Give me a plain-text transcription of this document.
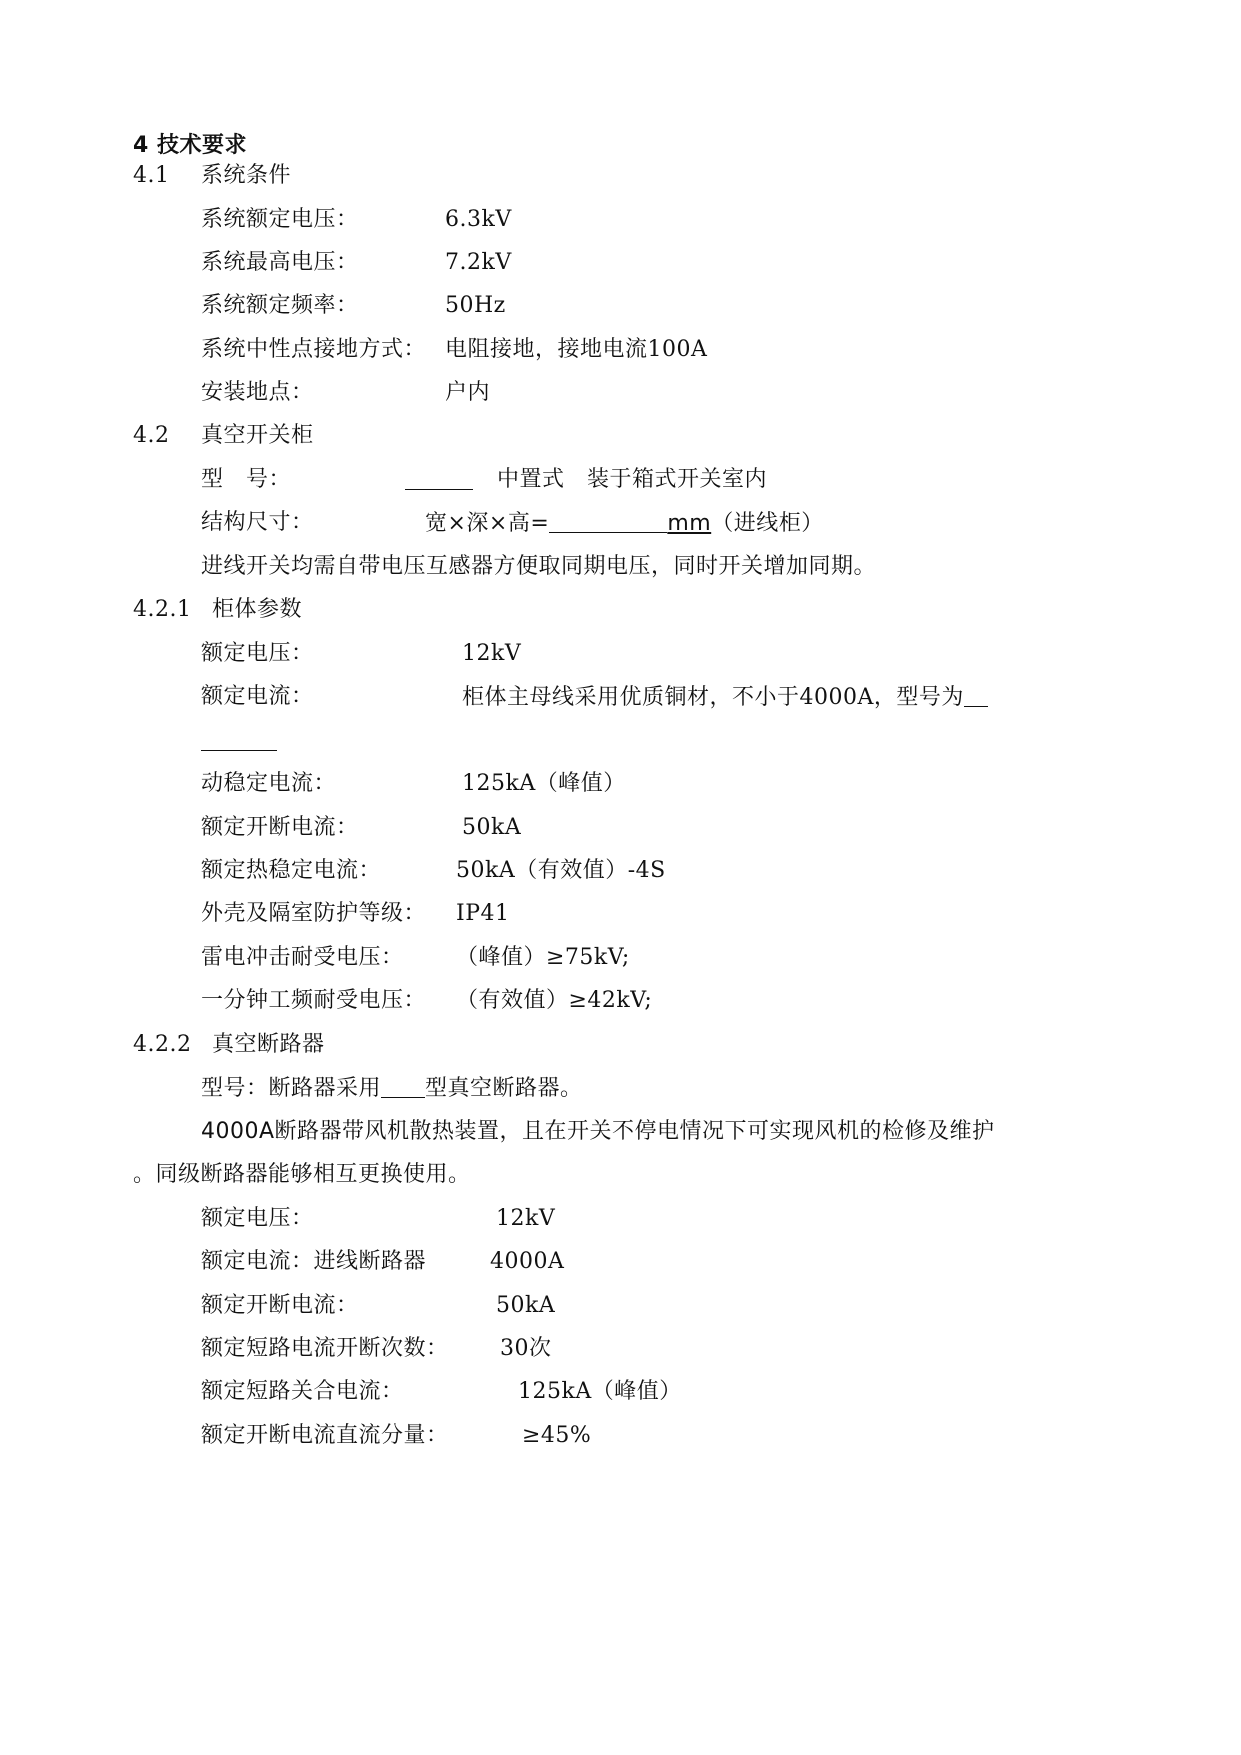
4 技术要求
4.1 系统条件
系统额定电压：	6.3kV
系统最高电压：	7.2kV
系统额定频率：	50Hz
系统中性点接地方式： 电阻接地，接地电流100A
安装地点：	户内
4.2 真空开关柜
型　号：	中置式　装于箱式开关室内
结构尺寸：	宽×深×高=	mm（进线柜）
进线开关均需自带电压互感器方便取同期电压，同时开关增加同期。
4.2.1 柜体参数
额定电压：	12kV
额定电流：	柜体主母线采用优质铜材，不小于4000A，型号为
动稳定电流：	125kA（峰值）
额定开断电流：	50kA
额定热稳定电流：	50kA（有效值）-4S
外壳及隔室防护等级： IP41
雷电冲击耐受电压： （峰值）≥75kV;
一分钟工频耐受电压： （有效值）≥42kV;
4.2.2 真空断路器
型号：断路器采用 型真空断路器。
4000A断路器带风机散热装置，且在开关不停电情况下可实现风机的检修及维护
。同级断路器能够相互更换使用。
额定电压：	12kV
额定电流：进线断路器	4000A
额定开断电流：	50kA
额定短路电流开断次数： 30次
额定短路关合电流：	125kA（峰值）
额定开断电流直流分量：	≥45%
